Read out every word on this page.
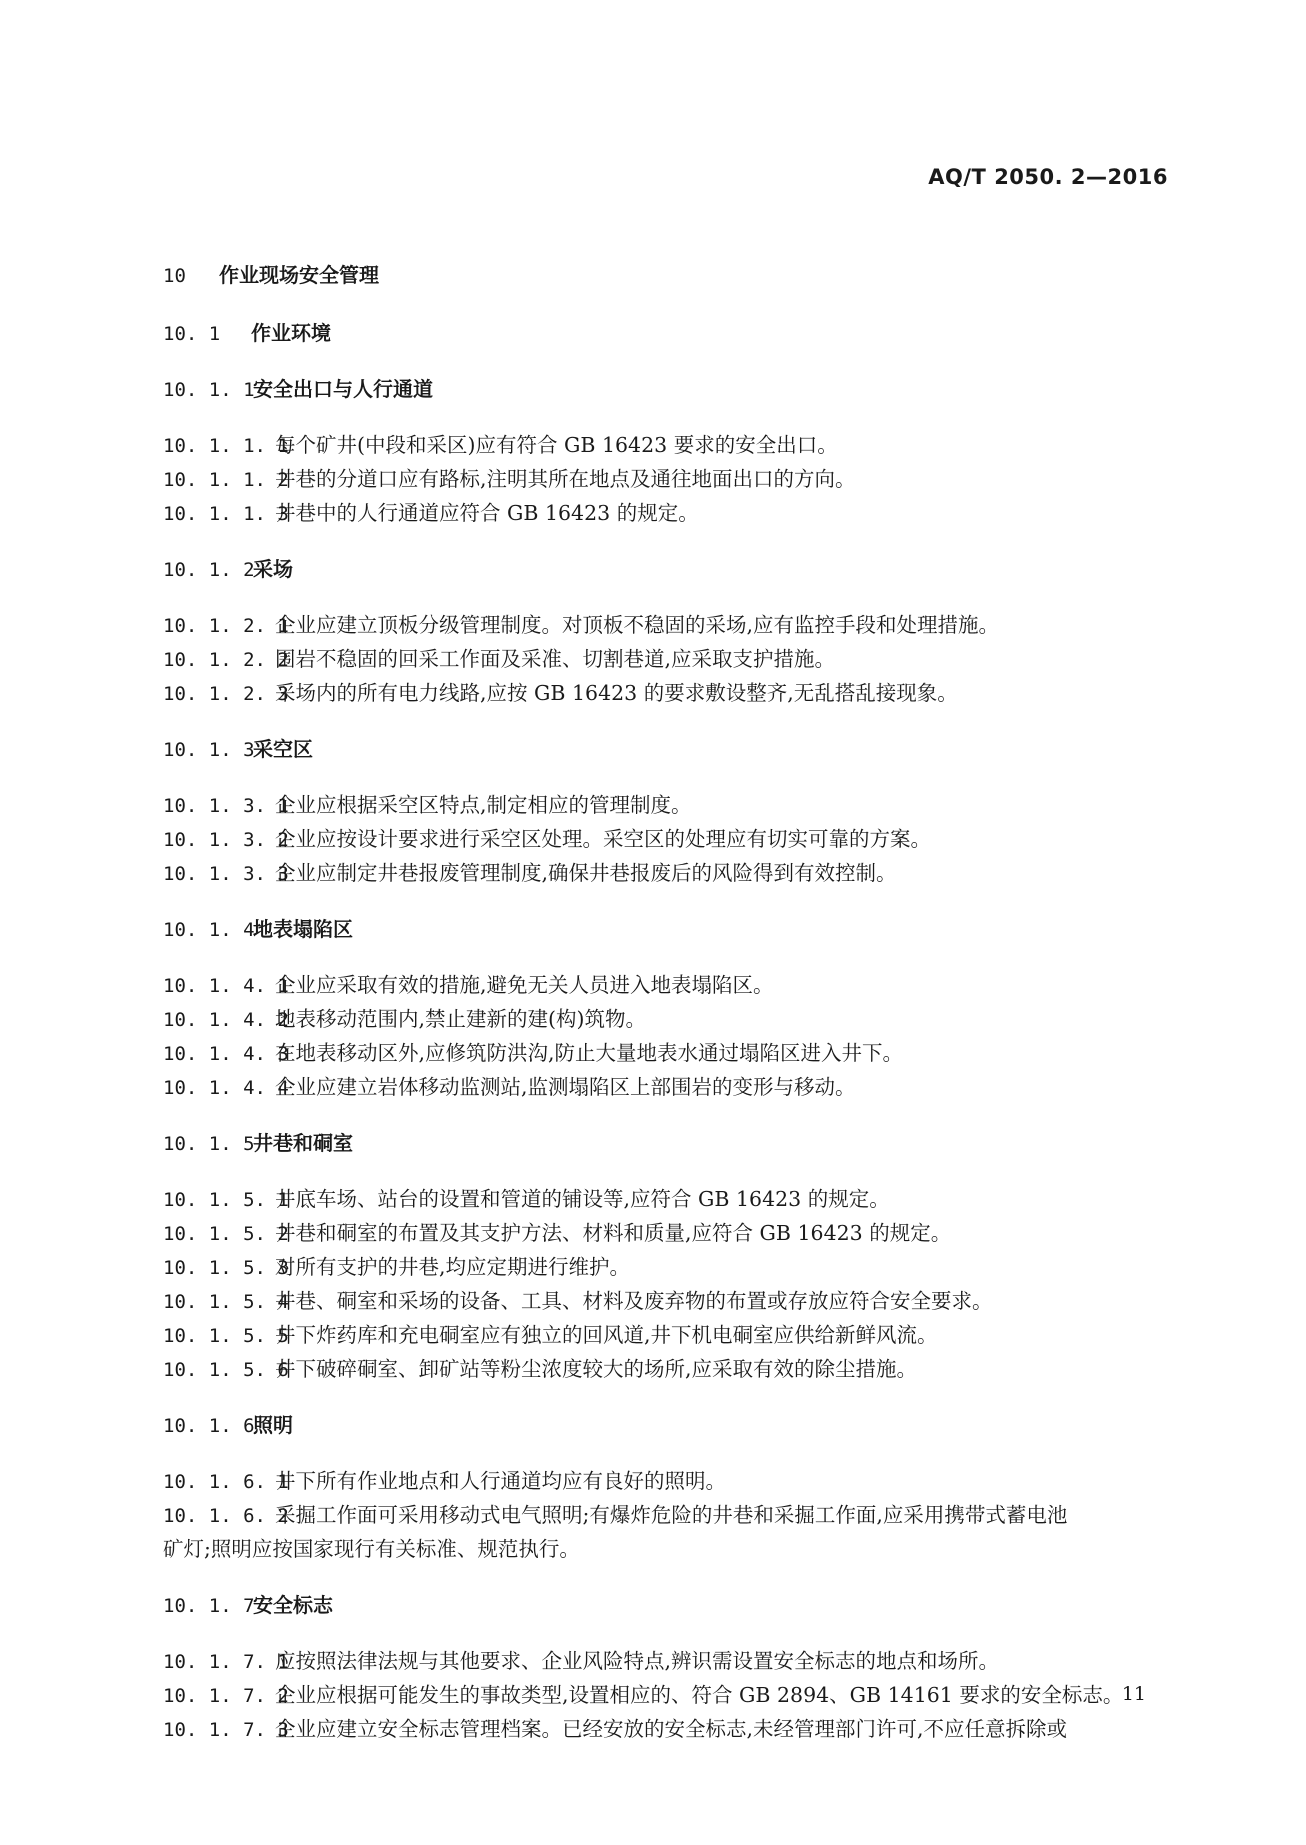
AQ/T 2050. 2—2016
10 作业现场安全管理
10. 1 作业环境
10. 1. 1安全出口与人行通道
10. 1. 1. 1每个矿井(中段和采区)应有符合 GB 16423 要求的安全出口。
10. 1. 1. 2井巷的分道口应有路标,注明其所在地点及通往地面出口的方向。
10. 1. 1. 3井巷中的人行通道应符合 GB 16423 的规定。
10. 1. 2采场
10. 1. 2. 1企业应建立顶板分级管理制度。对顶板不稳固的采场,应有监控手段和处理措施。
10. 1. 2. 2围岩不稳固的回采工作面及采准、切割巷道,应采取支护措施。
10. 1. 2. 3采场内的所有电力线路,应按 GB 16423 的要求敷设整齐,无乱搭乱接现象。
10. 1. 3采空区
10. 1. 3. 1企业应根据采空区特点,制定相应的管理制度。
10. 1. 3. 2企业应按设计要求进行采空区处理。采空区的处理应有切实可靠的方案。
10. 1. 3. 3企业应制定井巷报废管理制度,确保井巷报废后的风险得到有效控制。
10. 1. 4地表塌陷区
10. 1. 4. 1企业应采取有效的措施,避免无关人员进入地表塌陷区。
10. 1. 4. 2地表移动范围内,禁止建新的建(构)筑物。
10. 1. 4. 3在地表移动区外,应修筑防洪沟,防止大量地表水通过塌陷区进入井下。
10. 1. 4. 4企业应建立岩体移动监测站,监测塌陷区上部围岩的变形与移动。
10. 1. 5井巷和硐室
10. 1. 5. 1井底车场、站台的设置和管道的铺设等,应符合 GB 16423 的规定。
10. 1. 5. 2井巷和硐室的布置及其支护方法、材料和质量,应符合 GB 16423 的规定。
10. 1. 5. 3对所有支护的井巷,均应定期进行维护。
10. 1. 5. 4井巷、硐室和采场的设备、工具、材料及废弃物的布置或存放应符合安全要求。
10. 1. 5. 5井下炸药库和充电硐室应有独立的回风道,井下机电硐室应供给新鲜风流。
10. 1. 5. 6井下破碎硐室、卸矿站等粉尘浓度较大的场所,应采取有效的除尘措施。
10. 1. 6照明
10. 1. 6. 1井下所有作业地点和人行通道均应有良好的照明。
10. 1. 6. 2采掘工作面可采用移动式电气照明;有爆炸危险的井巷和采掘工作面,应采用携带式蓄电池
矿灯;照明应按国家现行有关标准、规范执行。
10. 1. 7安全标志
10. 1. 7. 1应按照法律法规与其他要求、企业风险特点,辨识需设置安全标志的地点和场所。
10. 1. 7. 2企业应根据可能发生的事故类型,设置相应的、符合 GB 2894、GB 14161 要求的安全标志。
10. 1. 7. 3企业应建立安全标志管理档案。已经安放的安全标志,未经管理部门许可,不应任意拆除或
11
